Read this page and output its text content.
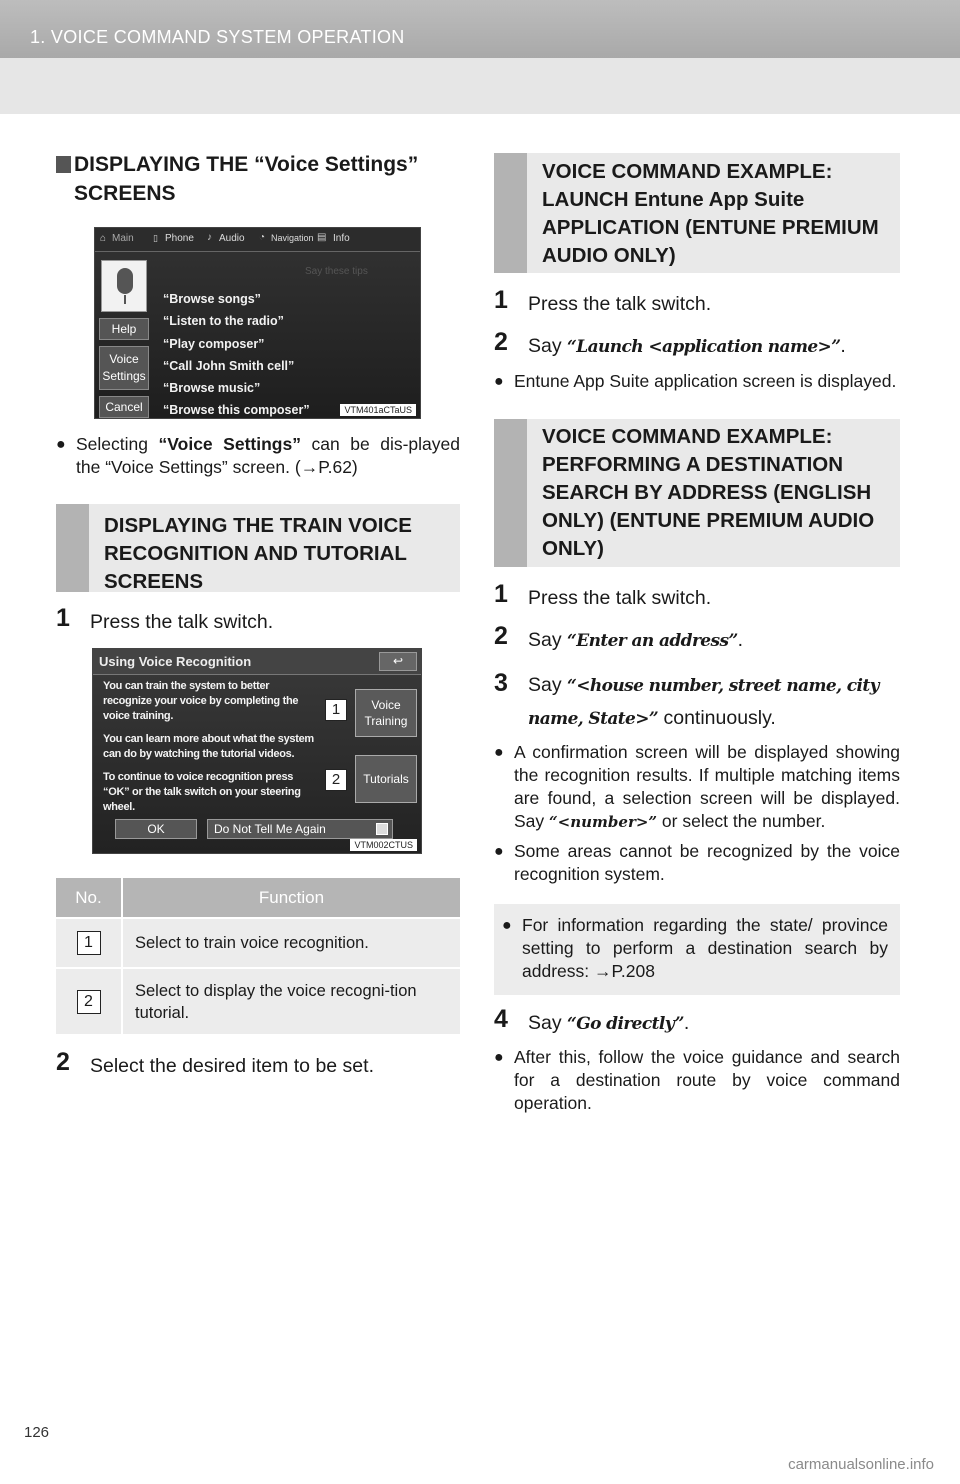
1. VOICE COMMAND SYSTEM OPERATION
DISPLAYING THE “Voice Settings”
SCREENS
⌂ Main ▯ Phone ♪ Audio ◔ Navigation ▤ Info
Say these tips
Help
Voice Settings
Cancel
“Browse songs”
“Listen to the radio”
“Play composer”
“Call John Smith cell”
“Browse music”
“Browse this composer”	VTM401aCTaUS
● Selecting “Voice Settings” can be dis-played the “Voice Settings” screen. (→P.62)
DISPLAYING THE TRAIN VOICE RECOGNITION AND TUTORIAL SCREENS
1 Press the talk switch.
Using Voice Recognition	↩
You can train the system to better recognize your voice by completing the voice training.
You can learn more about what the system can do by watching the tutorial videos.
To continue to voice recognition press “OK” or the talk switch on your steering wheel.
Voice Training
Tutorials
1
2
OK	Do Not Tell Me Again
VTM002CTUS
No.	Function
1	Select to train voice recognition.
2	Select to display the voice recogni-tion tutorial.
2 Select the desired item to be set.
VOICE COMMAND EXAMPLE: LAUNCH Entune App Suite APPLICATION (ENTUNE PREMIUM AUDIO ONLY)
1 Press the talk switch.
2 Say “Launch <application name>”.
● Entune App Suite application screen is displayed.
VOICE COMMAND EXAMPLE: PERFORMING A DESTINATION SEARCH BY ADDRESS (ENGLISH ONLY) (ENTUNE PREMIUM AUDIO ONLY)
1 Press the talk switch.
2 Say “Enter an address”.
3 Say “<house number, street name, city name, State>” continuously.
● A confirmation screen will be displayed showing the recognition results. If multiple matching items are found, a selection screen will be displayed. Say “<number>” or select the number.
● Some areas cannot be recognized by the voice recognition system.
● For information regarding the state/ province setting to perform a destination search by address: →P.208
4 Say “Go directly”.
● After this, follow the voice guidance and search for a destination route by voice command operation.
126
carmanualsonline.info
